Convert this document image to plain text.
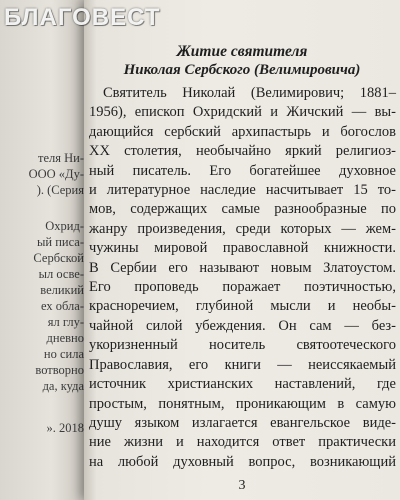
теля Ни-
ООО «Ду-
). (Серия
Охрид-
ый писа-
Сербской
ыл осве-
великий
ех обла-
ял глу-
дневно
но сила
вотворно
да, куда
». 2018
Житие святителя
Николая Сербского (Велимировича)
Святитель Николай (Велимирович; 1881–
1956), епископ Охридский и Жичский — вы-
дающийся сербский архипастырь и богослов
XX столетия, необычайно яркий религиоз-
ный писатель. Его богатейшее духовное
и литературное наследие насчитывает 15 то-
мов, содержащих самые разнообразные по
жанру произведения, среди которых — жем-
чужины мировой православной книжности.
В Сербии его называют новым Златоустом.
Его проповедь поражает поэтичностью,
красноречием, глубиной мысли и необы-
чайной силой убеждения. Он сам — без-
укоризненный носитель святоотеческого
Православия, его книги — неиссякаемый
источник христианских наставлений, где
простым, понятным, проникающим в самую
душу языком излагается евангельское виде-
ние жизни и находится ответ практически
на любой духовный вопрос, возникающий
3
БЛАГОВЕСТ
